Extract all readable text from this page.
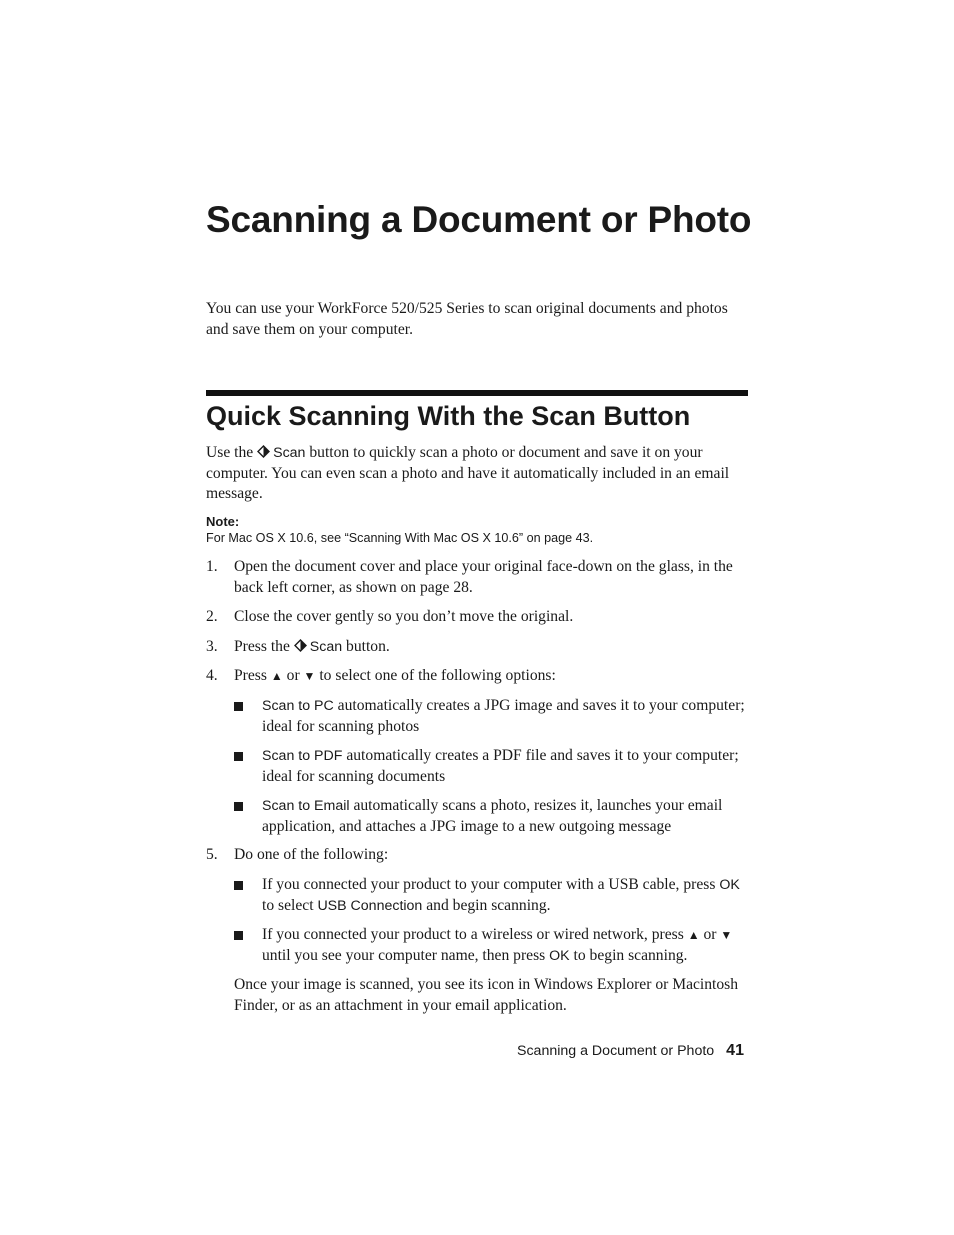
Scanning a Document or Photo

You can use your WorkForce 520/525 Series to scan original documents and photos and save them on your computer.

Quick Scanning With the Scan Button

Use the Scan button to quickly scan a photo or document and save it on your computer. You can even scan a photo and have it automatically included in an email message.

Note:
For Mac OS X 10.6, see “Scanning With Mac OS X 10.6” on page 43.
1. Open the document cover and place your original face-down on the glass, in the back left corner, as shown on page 28.
2. Close the cover gently so you don’t move the original.
3. Press the Scan button.
4. Press ▲ or ▼ to select one of the following options:
Scan to PC automatically creates a JPG image and saves it to your computer; ideal for scanning photos
Scan to PDF automatically creates a PDF file and saves it to your computer; ideal for scanning documents
Scan to Email automatically scans a photo, resizes it, launches your email application, and attaches a JPG image to a new outgoing message
5. Do one of the following:
If you connected your product to your computer with a USB cable, press OK to select USB Connection and begin scanning.
If you connected your product to a wireless or wired network, press ▲ or ▼ until you see your computer name, then press OK to begin scanning.

Once your image is scanned, you see its icon in Windows Explorer or Macintosh Finder, or as an attachment in your email application.

Scanning a Document or Photo 41
